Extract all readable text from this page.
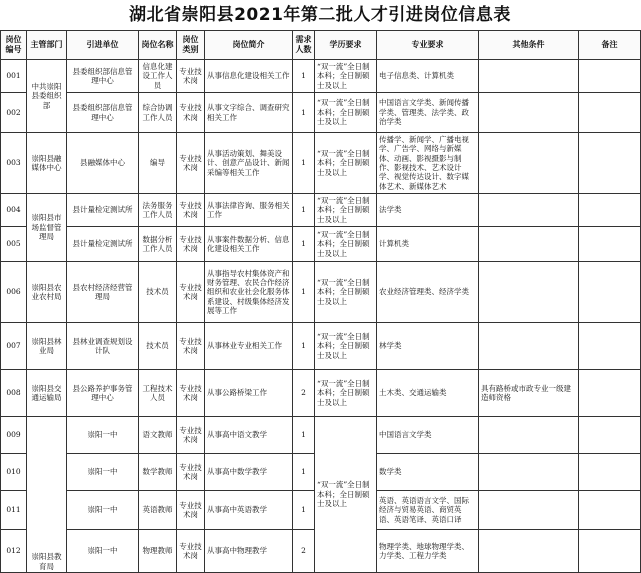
湖北省崇阳县2021年第二批人才引进岗位信息表
岗位编号	主管部门	引进单位	岗位名称	岗位类别	岗位简介	需求人数	学历要求	专业要求	其他条件	备注
001	中共崇阳县委组织部	县委组织部信息管理中心	信息化建设工作人员	专业技术岗	从事信息化建设相关工作	1	“双一流”全日制本科；全日制硕士及以上	电子信息类、计算机类		
002		县委组织部信息管理中心	综合协调工作人员	专业技术岗	从事文字综合、调查研究相关工作	1	“双一流”全日制本科；全日制硕士及以上	中国语言文学类、新闻传播学类、管理类、法学类、政治学类		
003	崇阳县融媒体中心	县融媒体中心	编导	专业技术岗	从事活动策划、舞美设计、创意产品设计、新闻采编等相关工作	1	“双一流”全日制本科；全日制硕士及以上	传播学、新闻学、广播电视学、广告学、网络与新媒体、动画、影视摄影与制作、影视技术、艺术设计学、视觉传达设计、数字媒体艺术、新媒体艺术		
004	崇阳县市场监督管理局	县计量检定测试所	法务服务工作人员	专业技术岗	从事法律咨询、服务相关工作	1	“双一流”全日制本科；全日制硕士及以上	法学类		
005		县计量检定测试所	数据分析工作人员	专业技术岗	从事案件数据分析、信息化建设相关工作	1	“双一流”全日制本科；全日制硕士及以上	计算机类		
006	崇阳县农业农村局	县农村经济经营管理局	技术员	专业技术岗	从事指导农村集体资产和财务管理、农民合作经济组织和农业社会化服务体系建设、村级集体经济发展等工作	1	“双一流”全日制本科；全日制硕士及以上	农业经济管理类、经济学类		
007	崇阳县林业局	县林业调查规划设计队	技术员	专业技术岗	从事林业专业相关工作	1	“双一流”全日制本科；全日制硕士及以上	林学类		
008	崇阳县交通运输局	县公路养护事务管理中心	工程技术人员	专业技术岗	从事公路桥梁工作	2	“双一流”全日制本科；全日制硕士及以上	土木类、交通运输类	具有路桥或市政专业一级建造师资格	
009	崇阳县教育局	崇阳一中	语文教师	专业技术岗	从事高中语文教学	1	“双一流”全日制本科；全日制硕士及以上	中国语言文学类		
010		崇阳一中	数学教师	专业技术岗	从事高中数学教学	1		数学类		
011		崇阳一中	英语教师	专业技术岗	从事高中英语教学	1		英语、英语语言文学、国际经济与贸易英语、商贸英语、英语笔译、英语口译		
012		崇阳一中	物理教师	专业技术岗	从事高中物理教学	2		物理学类、地球物理学类、力学类、工程力学类		
